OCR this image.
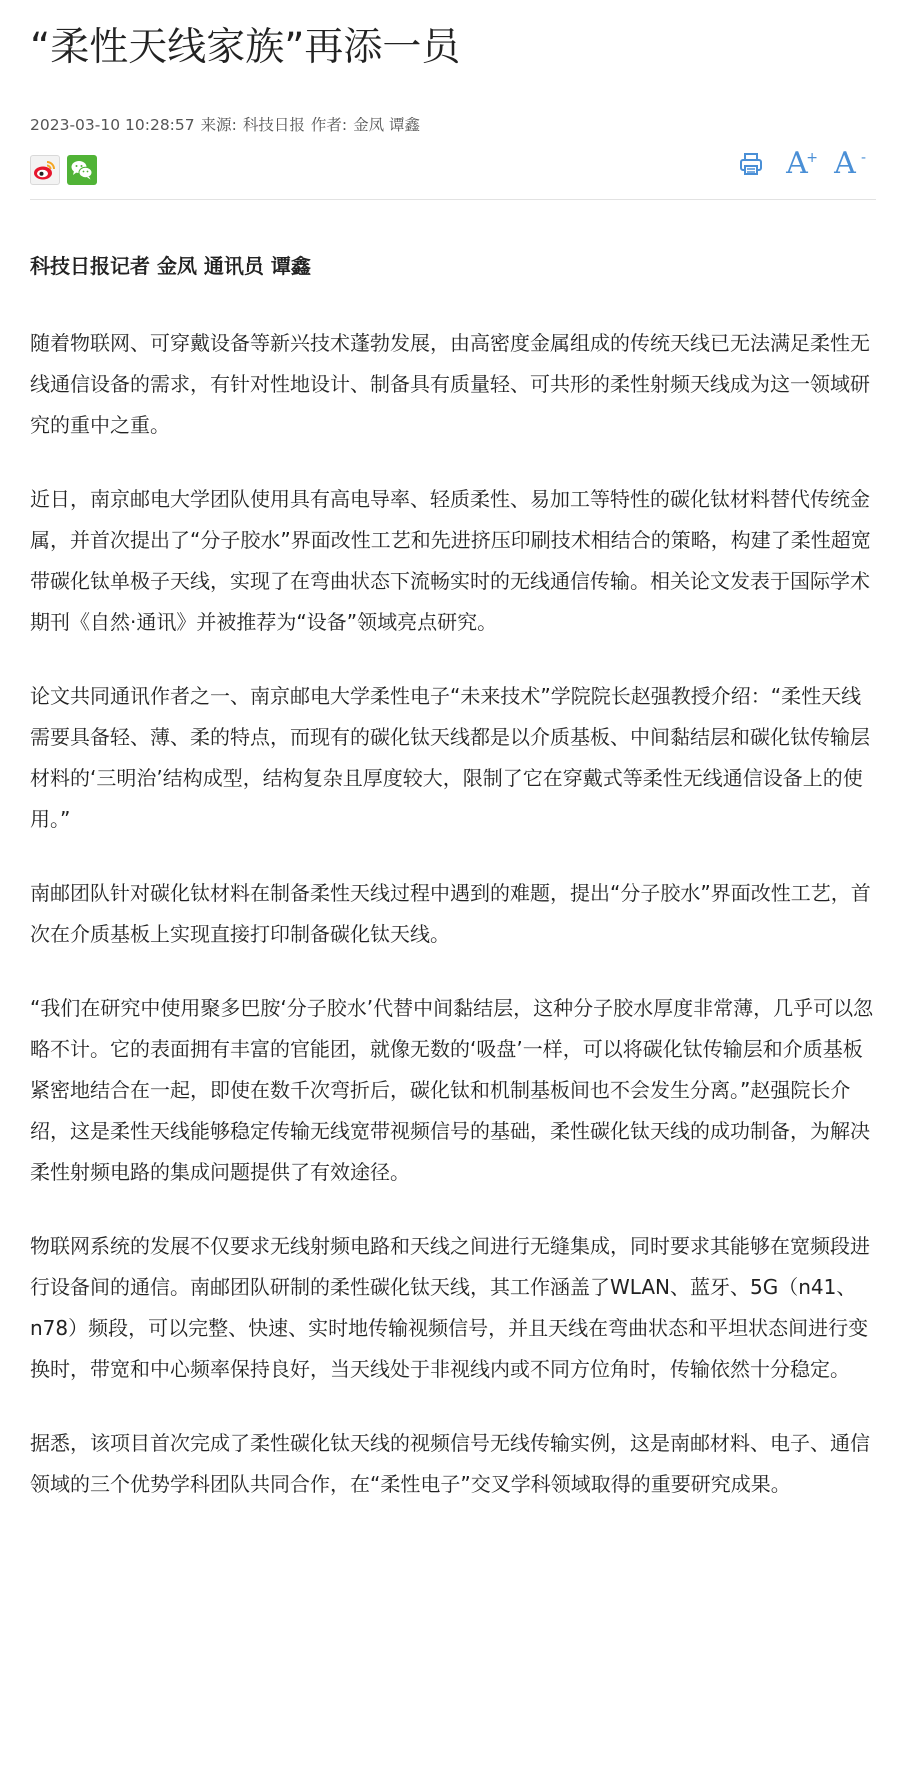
“柔性天线家族”再添一员
2023-03-10 10:28:57 来源: 科技日报 作者: 金凤 谭鑫
A
+ A -

科技日报记者 金凤 通讯员 谭鑫

随着物联网、可穿戴设备等新兴技术蓬勃发展，由高密度金属组成的传统天线已无法满足柔性无线通信设备的需求，有针对性地设计、制备具有质量轻、可共形的柔性射频天线成为这一领域研究的重中之重。

近日，南京邮电大学团队使用具有高电导率、轻质柔性、易加工等特性的碳化钛材料替代传统金属，并首次提出了“分子胶水”界面改性工艺和先进挤压印刷技术相结合的策略，构建了柔性超宽带碳化钛单极子天线，实现了在弯曲状态下流畅实时的无线通信传输。相关论文发表于国际学术期刊《自然·通讯》并被推荐为“设备”领域亮点研究。

论文共同通讯作者之一、南京邮电大学柔性电子“未来技术”学院院长赵强教授介绍：“柔性天线需要具备轻、薄、柔的特点，而现有的碳化钛天线都是以介质基板、中间黏结层和碳化钛传输层材料的‘三明治’结构成型，结构复杂且厚度较大，限制了它在穿戴式等柔性无线通信设备上的使用。”

南邮团队针对碳化钛材料在制备柔性天线过程中遇到的难题，提出“分子胶水”界面改性工艺，首次在介质基板上实现直接打印制备碳化钛天线。

“我们在研究中使用聚多巴胺‘分子胶水’代替中间黏结层，这种分子胶水厚度非常薄，几乎可以忽略不计。它的表面拥有丰富的官能团，就像无数的‘吸盘’一样，可以将碳化钛传输层和介质基板紧密地结合在一起，即使在数千次弯折后，碳化钛和机制基板间也不会发生分离。”赵强院长介绍，这是柔性天线能够稳定传输无线宽带视频信号的基础，柔性碳化钛天线的成功制备，为解决柔性射频电路的集成问题提供了有效途径。

物联网系统的发展不仅要求无线射频电路和天线之间进行无缝集成，同时要求其能够在宽频段进行设备间的通信。南邮团队研制的柔性碳化钛天线，其工作涵盖了WLAN、蓝牙、5G（n41、n78）频段，可以完整、快速、实时地传输视频信号，并且天线在弯曲状态和平坦状态间进行变换时，带宽和中心频率保持良好，当天线处于非视线内或不同方位角时，传输依然十分稳定。

据悉，该项目首次完成了柔性碳化钛天线的视频信号无线传输实例，这是南邮材料、电子、通信领域的三个优势学科团队共同合作，在“柔性电子”交叉学科领域取得的重要研究成果。
